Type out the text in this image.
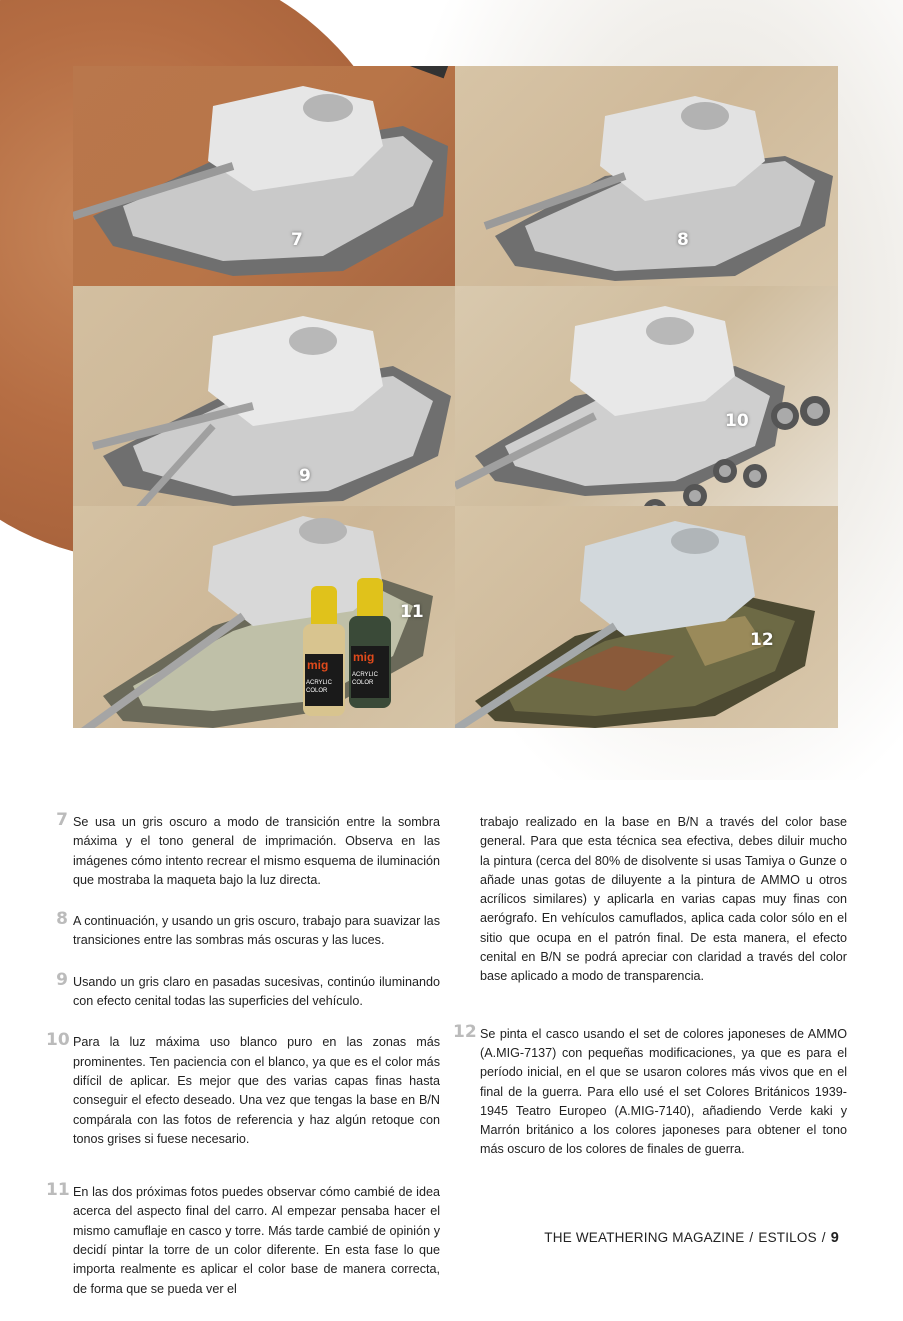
7	8
9
10
mig
ACRYLIC
COLOR
mig
ACRYLIC
COLOR
11
12
7 Se usa un gris oscuro a modo de transición entre la sombra máxima y el tono general de imprimación. Observa en las imágenes cómo intento recrear el mismo esquema de iluminación que mostraba la maqueta bajo la luz directa.
8 A continuación, y usando un gris oscuro, trabajo para suavizar las transiciones entre las sombras más oscuras y las luces.
9 Usando un gris claro en pasadas sucesivas, continúo iluminando con efecto cenital todas las superficies del vehículo.
10 Para la luz máxima uso blanco puro en las zonas más prominentes. Ten paciencia con el blanco, ya que es el color más difícil de aplicar. Es mejor que des varias capas finas hasta conseguir el efecto deseado. Una vez que tengas la base en B/N compárala con las fotos de referencia y haz algún retoque con tonos grises si fuese necesario.
11 En las dos próximas fotos puedes observar cómo cambié de idea acerca del aspecto final del carro. Al empezar pensaba hacer el mismo camuflaje en casco y torre. Más tarde cambié de opinión y decidí pintar la torre de un color diferente. En esta fase lo que importa realmente es aplicar el color base de manera correcta, de forma que se pueda ver el
trabajo realizado en la base en B/N a través del color base general. Para que esta técnica sea efectiva, debes diluir mucho la pintura (cerca del 80% de disolvente si usas Tamiya o Gunze o añade unas gotas de diluyente a la pintura de AMMO u otros acrílicos similares) y aplicarla en varias capas muy finas con aerógrafo. En vehículos camuflados, aplica cada color sólo en el sitio que ocupa en el patrón final. De esta manera, el efecto cenital en B/N se podrá apreciar con claridad a través del color base aplicado a modo de transparencia.
12 Se pinta el casco usando el set de colores japoneses de AMMO (A.MIG-7137) con pequeñas modificaciones, ya que es para el período inicial, en el que se usaron colores más vivos que en el final de la guerra. Para ello usé el set Colores Británicos 1939-1945 Teatro Europeo (A.MIG-7140), añadiendo Verde kaki y Marrón británico a los colores japoneses para obtener el tono más oscuro de los colores de finales de guerra.
THE WEATHERING MAGAZINE / ESTILOS / 9
